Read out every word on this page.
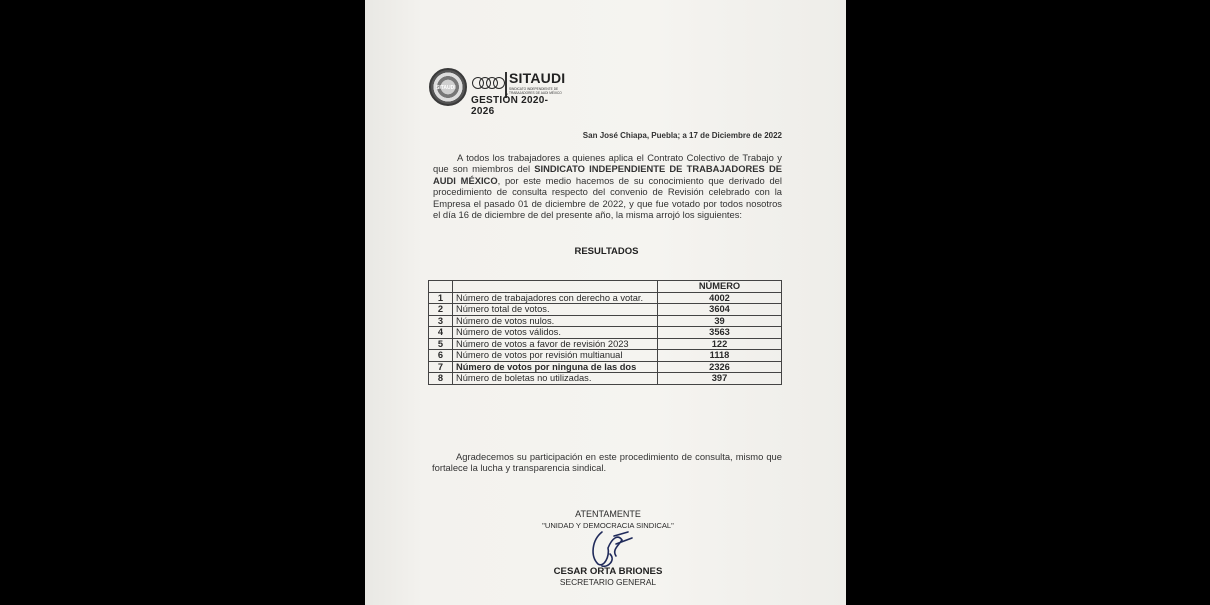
SITAUDI
SITAUDI
SINDICATO INDEPENDIENTE DE TRABAJADORES DE AUDI MÉXICO
GESTIÓN 2020-2026
San José Chiapa, Puebla; a 17 de Diciembre de 2022

A todos los trabajadores a quienes aplica el Contrato Colectivo de Trabajo y que son miembros del SINDICATO INDEPENDIENTE DE TRABAJADORES DE AUDI MÉXICO, por este medio hacemos de su conocimiento que derivado del procedimiento de consulta respecto del convenio de Revisión celebrado con la Empresa el pasado 01 de diciembre de 2022, y que fue votado por todos nosotros el día 16 de diciembre de del presente año, la misma arrojó los siguientes:

RESULTADOS
		NÚMERO
1	Número de trabajadores con derecho a votar.	4002
2	Número total de votos.	3604
3	Número de votos nulos.	39
4	Número de votos válidos.	3563
5	Número de votos a favor de revisión 2023	122
6	Número de votos por revisión multianual	1118
7	Número de votos por ninguna de las dos	2326
8	Número de boletas no utilizadas.	397

Agradecemos su participación en este procedimiento de consulta, mismo que fortalece la lucha y transparencia sindical.

ATENTAMENTE
"UNIDAD Y DEMOCRACIA SINDICAL"
CESAR ORTA BRIONES
SECRETARIO GENERAL
